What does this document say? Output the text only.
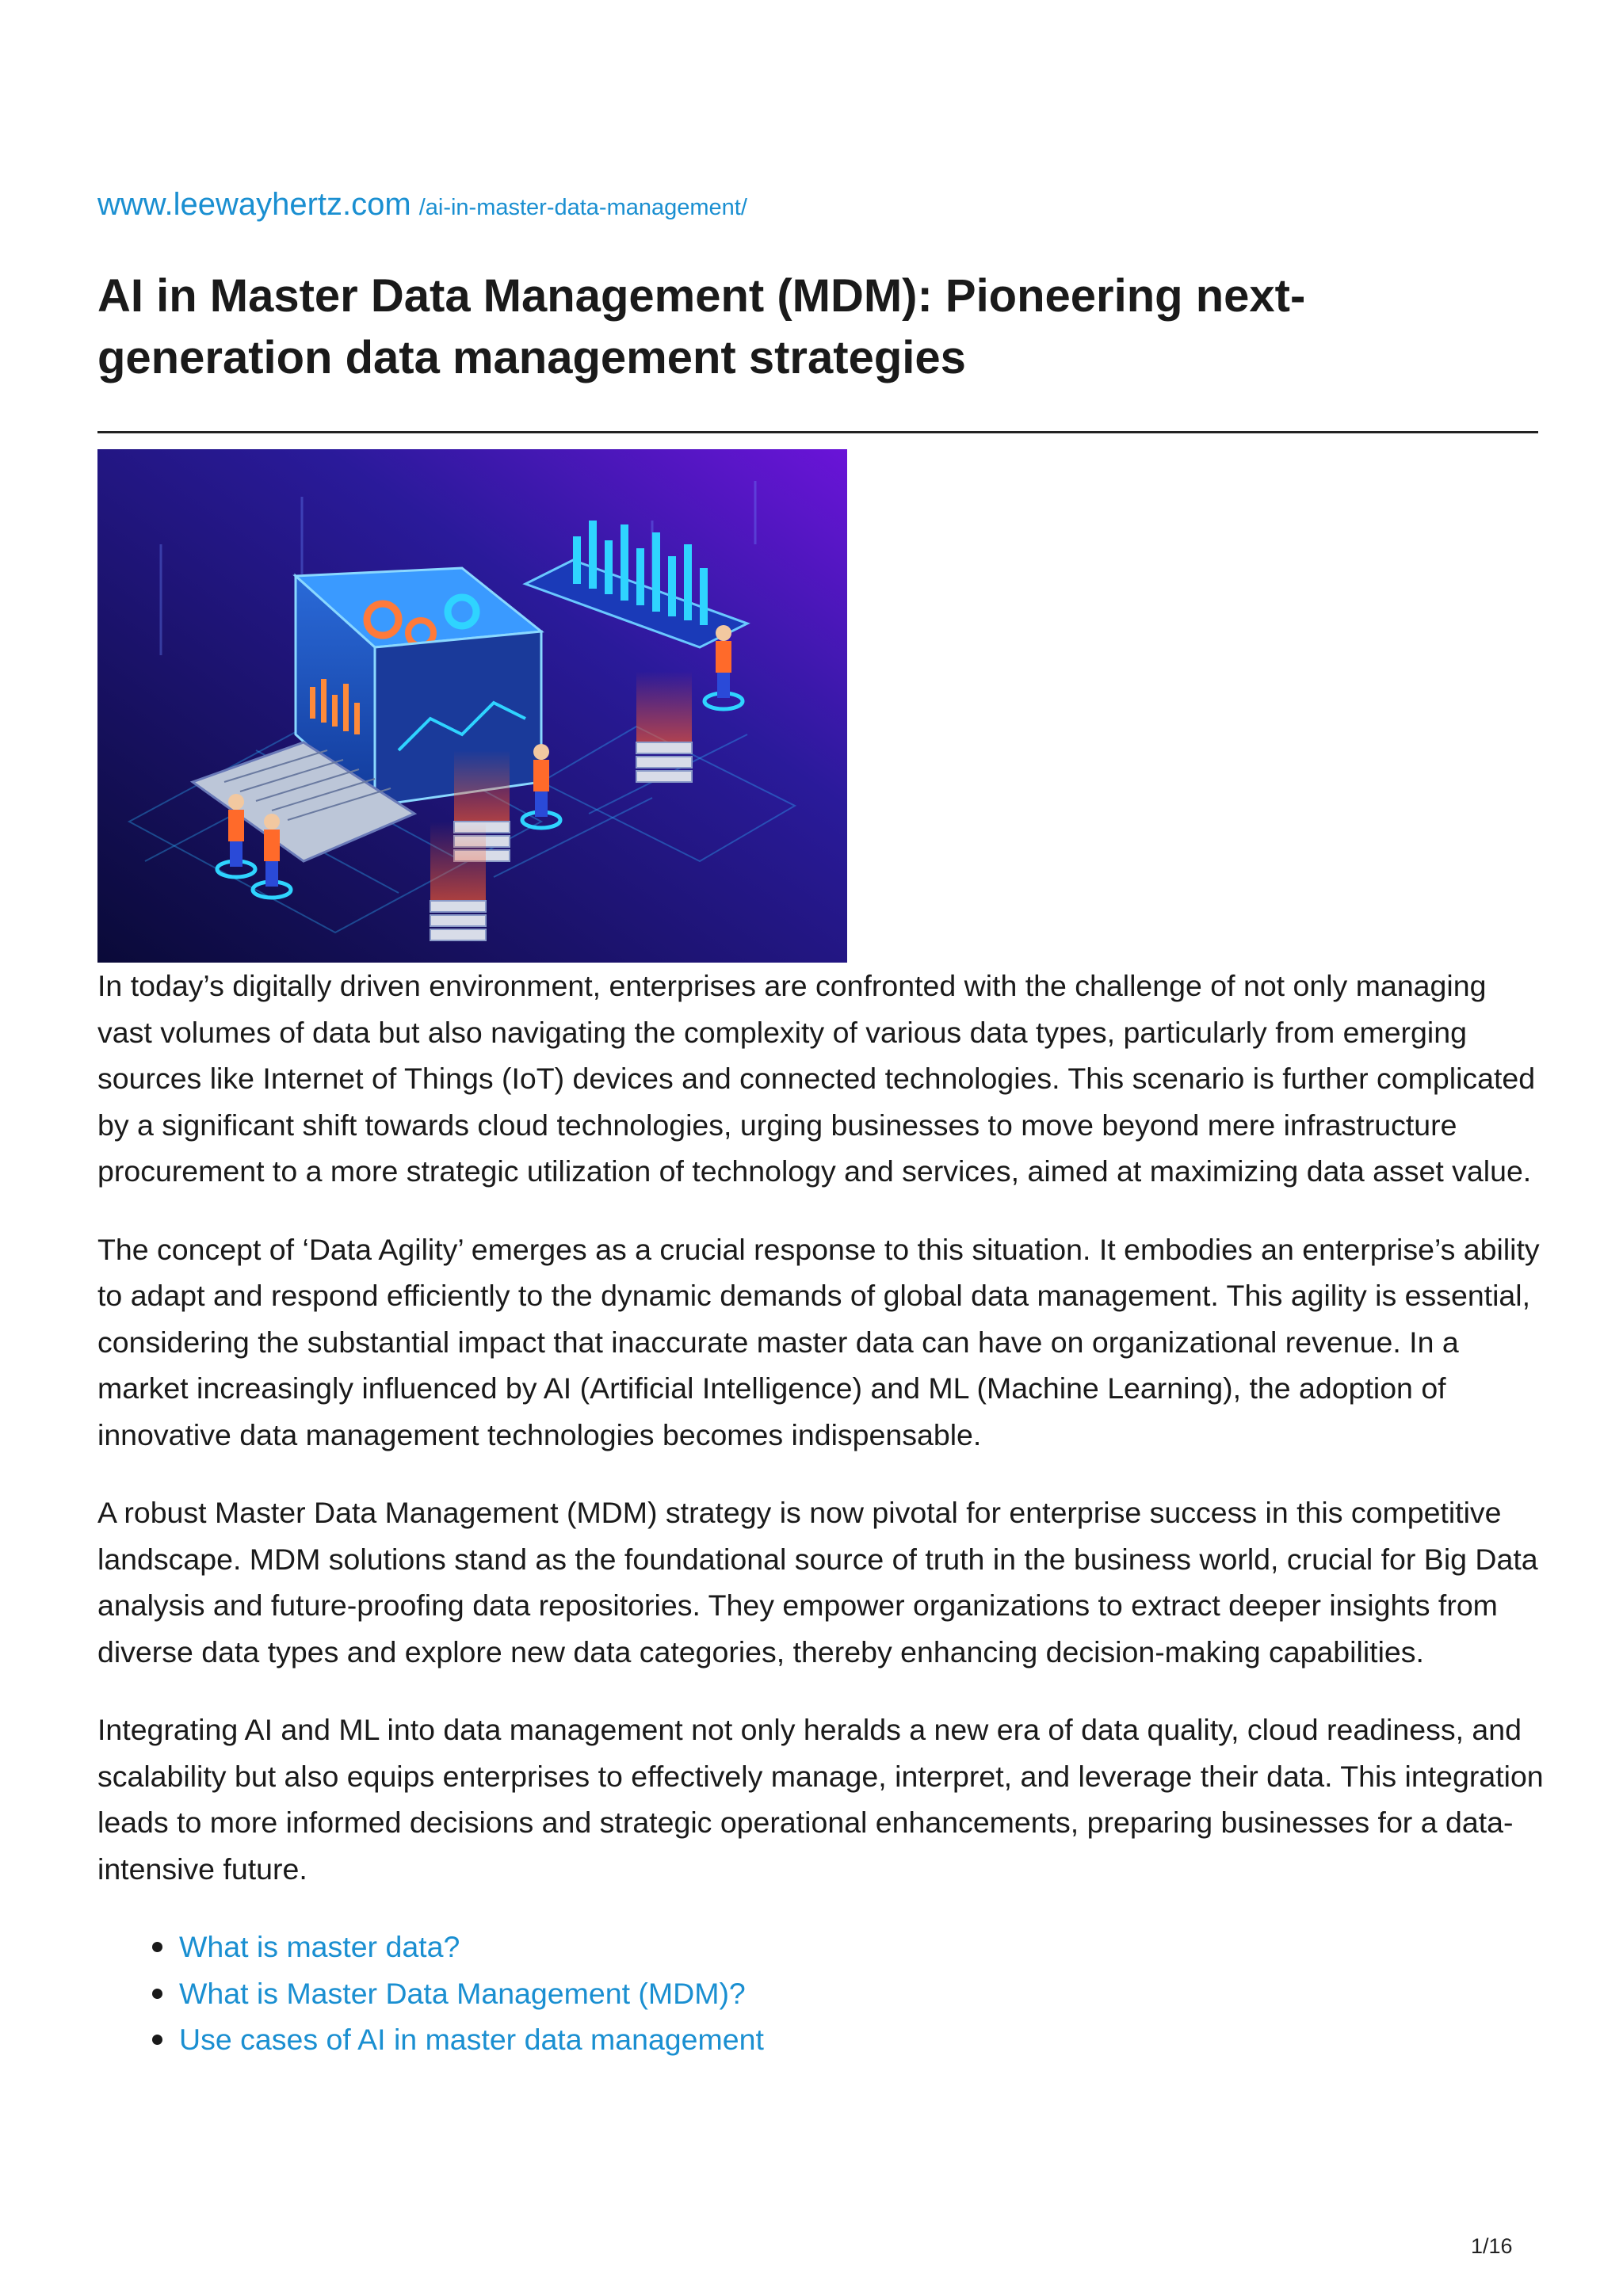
www.leewayhertz.com /ai-in-master-data-management/
AI in Master Data Management (MDM): Pioneering next-generation data management strategies

In today’s digitally driven environment, enterprises are confronted with the challenge of not only managing vast volumes of data but also navigating the complexity of various data types, particularly from emerging sources like Internet of Things (IoT) devices and connected technologies. This scenario is further complicated by a significant shift towards cloud technologies, urging businesses to move beyond mere infrastructure procurement to a more strategic utilization of technology and services, aimed at maximizing data asset value.

The concept of ‘Data Agility’ emerges as a crucial response to this situation. It embodies an enterprise’s ability to adapt and respond efficiently to the dynamic demands of global data management. This agility is essential, considering the substantial impact that inaccurate master data can have on organizational revenue. In a market increasingly influenced by AI (Artificial Intelligence) and ML (Machine Learning), the adoption of innovative data management technologies becomes indispensable.

A robust Master Data Management (MDM) strategy is now pivotal for enterprise success in this competitive landscape. MDM solutions stand as the foundational source of truth in the business world, crucial for Big Data analysis and future-proofing data repositories. They empower organizations to extract deeper insights from diverse data types and explore new data categories, thereby enhancing decision-making capabilities.

Integrating AI and ML into data management not only heralds a new era of data quality, cloud readiness, and scalability but also equips enterprises to effectively manage, interpret, and leverage their data. This integration leads to more informed decisions and strategic operational enhancements, preparing businesses for a data-intensive future.

What is master data?
What is Master Data Management (MDM)?
Use cases of AI in master data management
1/16
